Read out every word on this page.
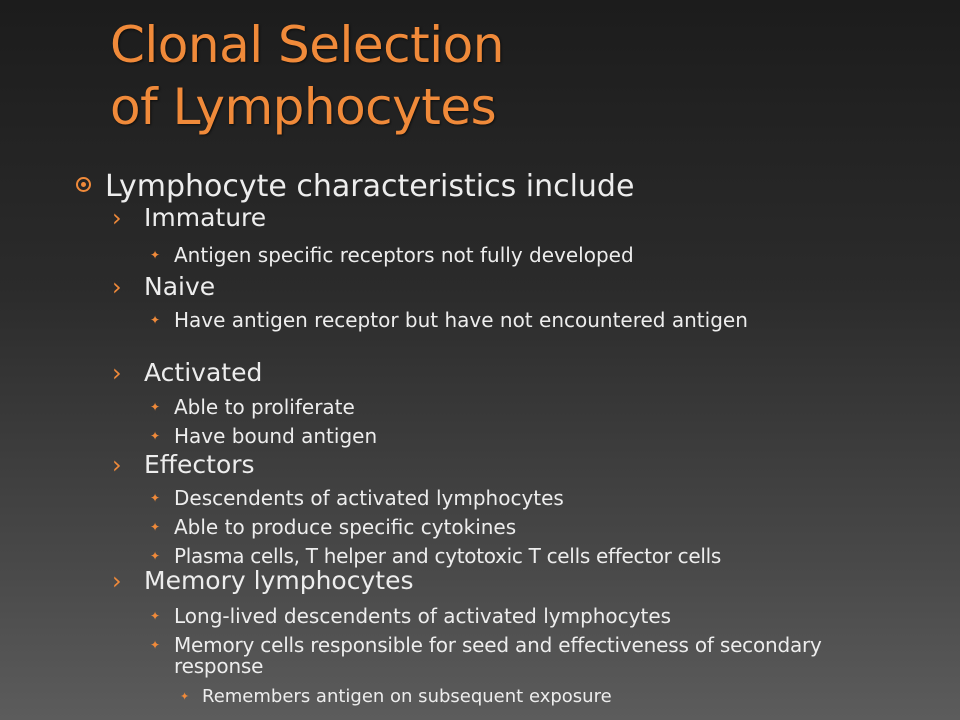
Clonal Selection
of Lymphocytes
Lymphocyte characteristics include
› Immature
✦ Antigen specific receptors not fully developed
› Naive
✦ Have antigen receptor but have not encountered antigen
› Activated
✦ Able to proliferate
✦ Have bound antigen
› Effectors
✦ Descendents of activated lymphocytes
✦ Able to produce specific cytokines
✦ Plasma cells, T helper and cytotoxic T cells effector cells
› Memory lymphocytes
✦ Long-lived descendents of activated lymphocytes
✦ Memory cells responsible for seed and effectiveness of secondary response
✦ Remembers antigen on subsequent exposure
